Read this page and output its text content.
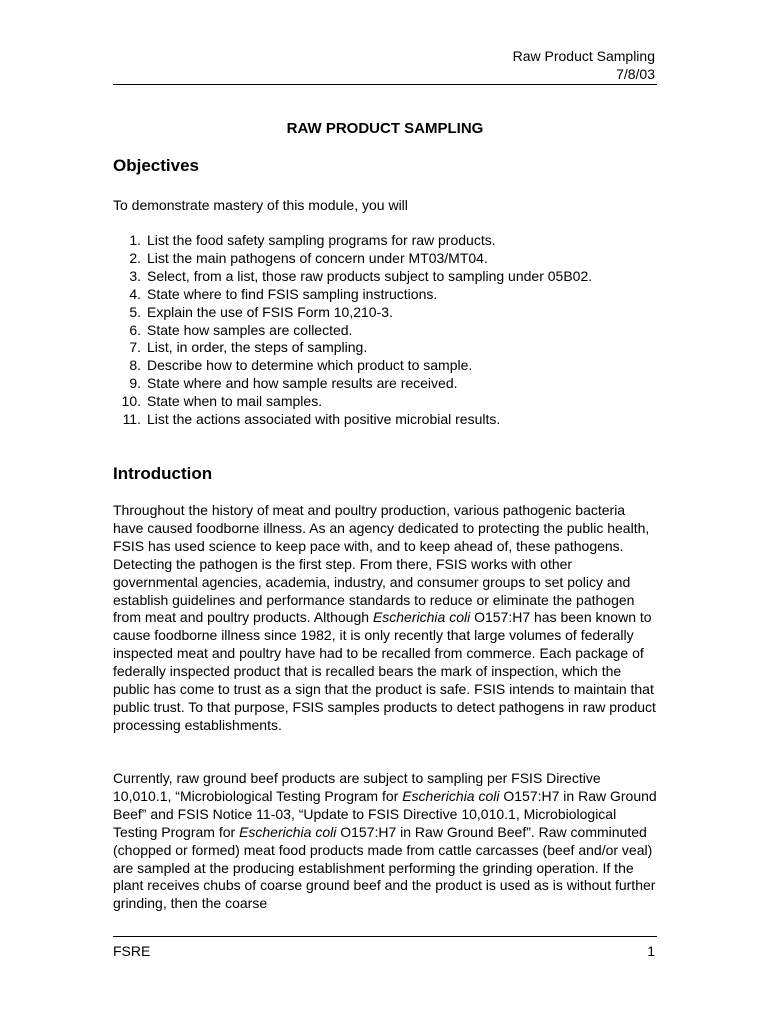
Raw Product Sampling
7/8/03
RAW PRODUCT SAMPLING
Objectives

To demonstrate mastery of this module, you will

1. List the food safety sampling programs for raw products.
2. List the main pathogens of concern under MT03/MT04.
3. Select, from a list, those raw products subject to sampling under 05B02.
4. State where to find FSIS sampling instructions.
5. Explain the use of FSIS Form 10,210-3.
6. State how samples are collected.
7. List, in order, the steps of sampling.
8. Describe how to determine which product to sample.
9. State where and how sample results are received.
10. State when to mail samples.
11. List the actions associated with positive microbial results.
Introduction

Throughout the history of meat and poultry production, various pathogenic bacteria have caused foodborne illness. As an agency dedicated to protecting the public health, FSIS has used science to keep pace with, and to keep ahead of, these pathogens. Detecting the pathogen is the first step. From there, FSIS works with other governmental agencies, academia, industry, and consumer groups to set policy and establish guidelines and performance standards to reduce or eliminate the pathogen from meat and poultry products. Although Escherichia coli O157:H7 has been known to cause foodborne illness since 1982, it is only recently that large volumes of federally inspected meat and poultry have had to be recalled from commerce. Each package of federally inspected product that is recalled bears the mark of inspection, which the public has come to trust as a sign that the product is safe. FSIS intends to maintain that public trust. To that purpose, FSIS samples products to detect pathogens in raw product processing establishments.

Currently, raw ground beef products are subject to sampling per FSIS Directive 10,010.1, “Microbiological Testing Program for Escherichia coli O157:H7 in Raw Ground Beef” and FSIS Notice 11-03, “Update to FSIS Directive 10,010.1, Microbiological Testing Program for Escherichia coli O157:H7 in Raw Ground Beef”. Raw comminuted (chopped or formed) meat food products made from cattle carcasses (beef and/or veal) are sampled at the producing establishment performing the grinding operation. If the plant receives chubs of coarse ground beef and the product is used as is without further grinding, then the coarse

FSRE	1
